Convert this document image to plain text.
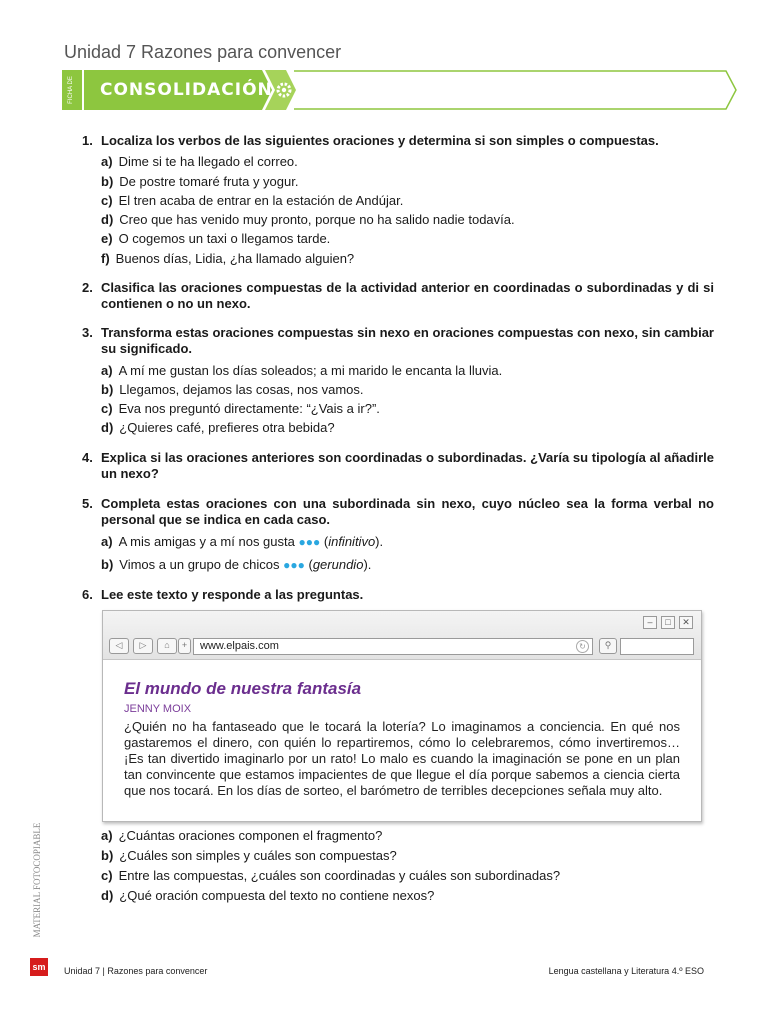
Unidad 7 Razones para convencer
FICHA DE CONSOLIDACIÓN
1. Localiza los verbos de las siguientes oraciones y determina si son simples o compuestas.
a) Dime si te ha llegado el correo.
b) De postre tomaré fruta y yogur.
c) El tren acaba de entrar en la estación de Andújar.
d) Creo que has venido muy pronto, porque no ha salido nadie todavía.
e) O cogemos un taxi o llegamos tarde.
f) Buenos días, Lidia, ¿ha llamado alguien?
2. Clasifica las oraciones compuestas de la actividad anterior en coordinadas o subordinadas y di si contienen o no un nexo.
3. Transforma estas oraciones compuestas sin nexo en oraciones compuestas con nexo, sin cambiar su significado.
a) A mí me gustan los días soleados; a mi marido le encanta la lluvia.
b) Llegamos, dejamos las cosas, nos vamos.
c) Eva nos preguntó directamente: “¿Vais a ir?”.
d) ¿Quieres café, prefieres otra bebida?
4. Explica si las oraciones anteriores son coordinadas o subordinadas. ¿Varía su tipología al añadirle un nexo?
5. Completa estas oraciones con una subordinada sin nexo, cuyo núcleo sea la forma verbal no personal que se indica en cada caso.
a) A mis amigas y a mí nos gusta ●●● (infinitivo).
b) Vimos a un grupo de chicos ●●● (gerundio).
6. Lee este texto y responde a las preguntas.
–	□	✕
◁	▷	⌂	+	www.elpais.com	↻	⚲
El mundo de nuestra fantasía
JENNY MOIX
¿Quién no ha fantaseado que le tocará la lotería? Lo imaginamos a conciencia. En qué nos gastaremos el dinero, con quién lo repartiremos, cómo lo celebraremos, cómo invertiremos… ¡Es tan divertido imaginarlo por un rato! Lo malo es cuando la imaginación se pone en un plan tan convincente que estamos impacientes de que llegue el día porque sabemos a ciencia cierta que nos tocará. En los días de sorteo, el barómetro de terribles decepciones señala muy alto.
a) ¿Cuántas oraciones componen el fragmento?
b) ¿Cuáles son simples y cuáles son compuestas?
c) Entre las compuestas, ¿cuáles son coordinadas y cuáles son subordinadas?
d) ¿Qué oración compuesta del texto no contiene nexos?
MATERIAL FOTOCOPIABLE
sm Unidad 7 | Razones para convencer	Lengua castellana y Literatura 4.º ESO
